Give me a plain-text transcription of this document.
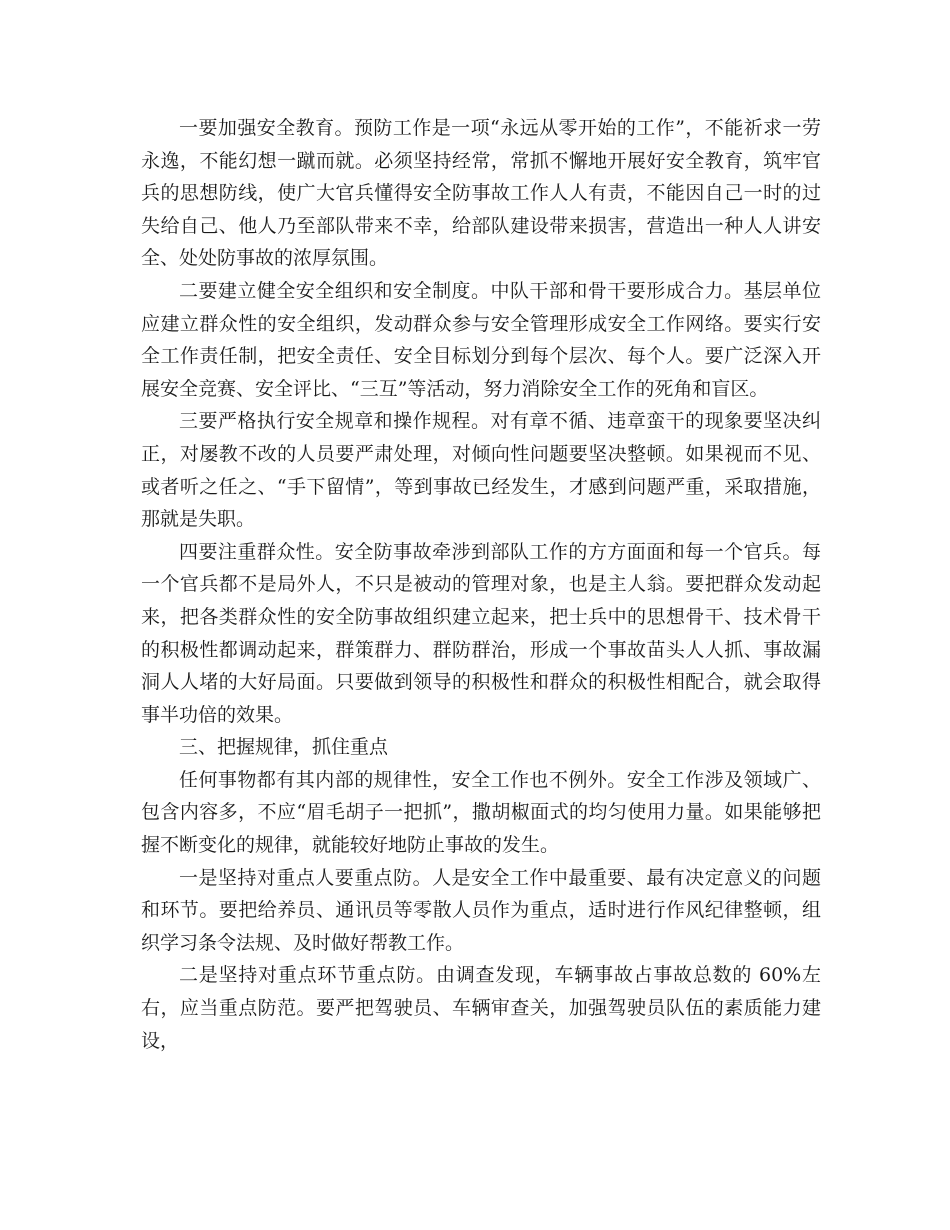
一要加强安全教育。预防工作是一项“永远从零开始的工作”，不能祈求一劳永逸，不能幻想一蹴而就。必须坚持经常，常抓不懈地开展好安全教育，筑牢官兵的思想防线，使广大官兵懂得安全防事故工作人人有责，不能因自己一时的过失给自己、他人乃至部队带来不幸，给部队建设带来损害，营造出一种人人讲安全、处处防事故的浓厚氛围。

二要建立健全安全组织和安全制度。中队干部和骨干要形成合力。基层单位应建立群众性的安全组织，发动群众参与安全管理形成安全工作网络。要实行安全工作责任制，把安全责任、安全目标划分到每个层次、每个人。要广泛深入开展安全竞赛、安全评比、“三互”等活动，努力消除安全工作的死角和盲区。

三要严格执行安全规章和操作规程。对有章不循、违章蛮干的现象要坚决纠正，对屡教不改的人员要严肃处理，对倾向性问题要坚决整顿。如果视而不见、或者听之任之、“手下留情”，等到事故已经发生，才感到问题严重，采取措施，那就是失职。

四要注重群众性。安全防事故牵涉到部队工作的方方面面和每一个官兵。每一个官兵都不是局外人，不只是被动的管理对象，也是主人翁。要把群众发动起来，把各类群众性的安全防事故组织建立起来，把士兵中的思想骨干、技术骨干的积极性都调动起来，群策群力、群防群治，形成一个事故苗头人人抓、事故漏洞人人堵的大好局面。只要做到领导的积极性和群众的积极性相配合，就会取得事半功倍的效果。

三、把握规律，抓住重点

任何事物都有其内部的规律性，安全工作也不例外。安全工作涉及领域广、包含内容多，不应“眉毛胡子一把抓”，撒胡椒面式的均匀使用力量。如果能够把握不断变化的规律，就能较好地防止事故的发生。

一是坚持对重点人要重点防。人是安全工作中最重要、最有决定意义的问题和环节。要把给养员、通讯员等零散人员作为重点，适时进行作风纪律整顿，组织学习条令法规、及时做好帮教工作。

二是坚持对重点环节重点防。由调查发现，车辆事故占事故总数的 60%左右，应当重点防范。要严把驾驶员、车辆审查关，加强驾驶员队伍的素质能力建设，
